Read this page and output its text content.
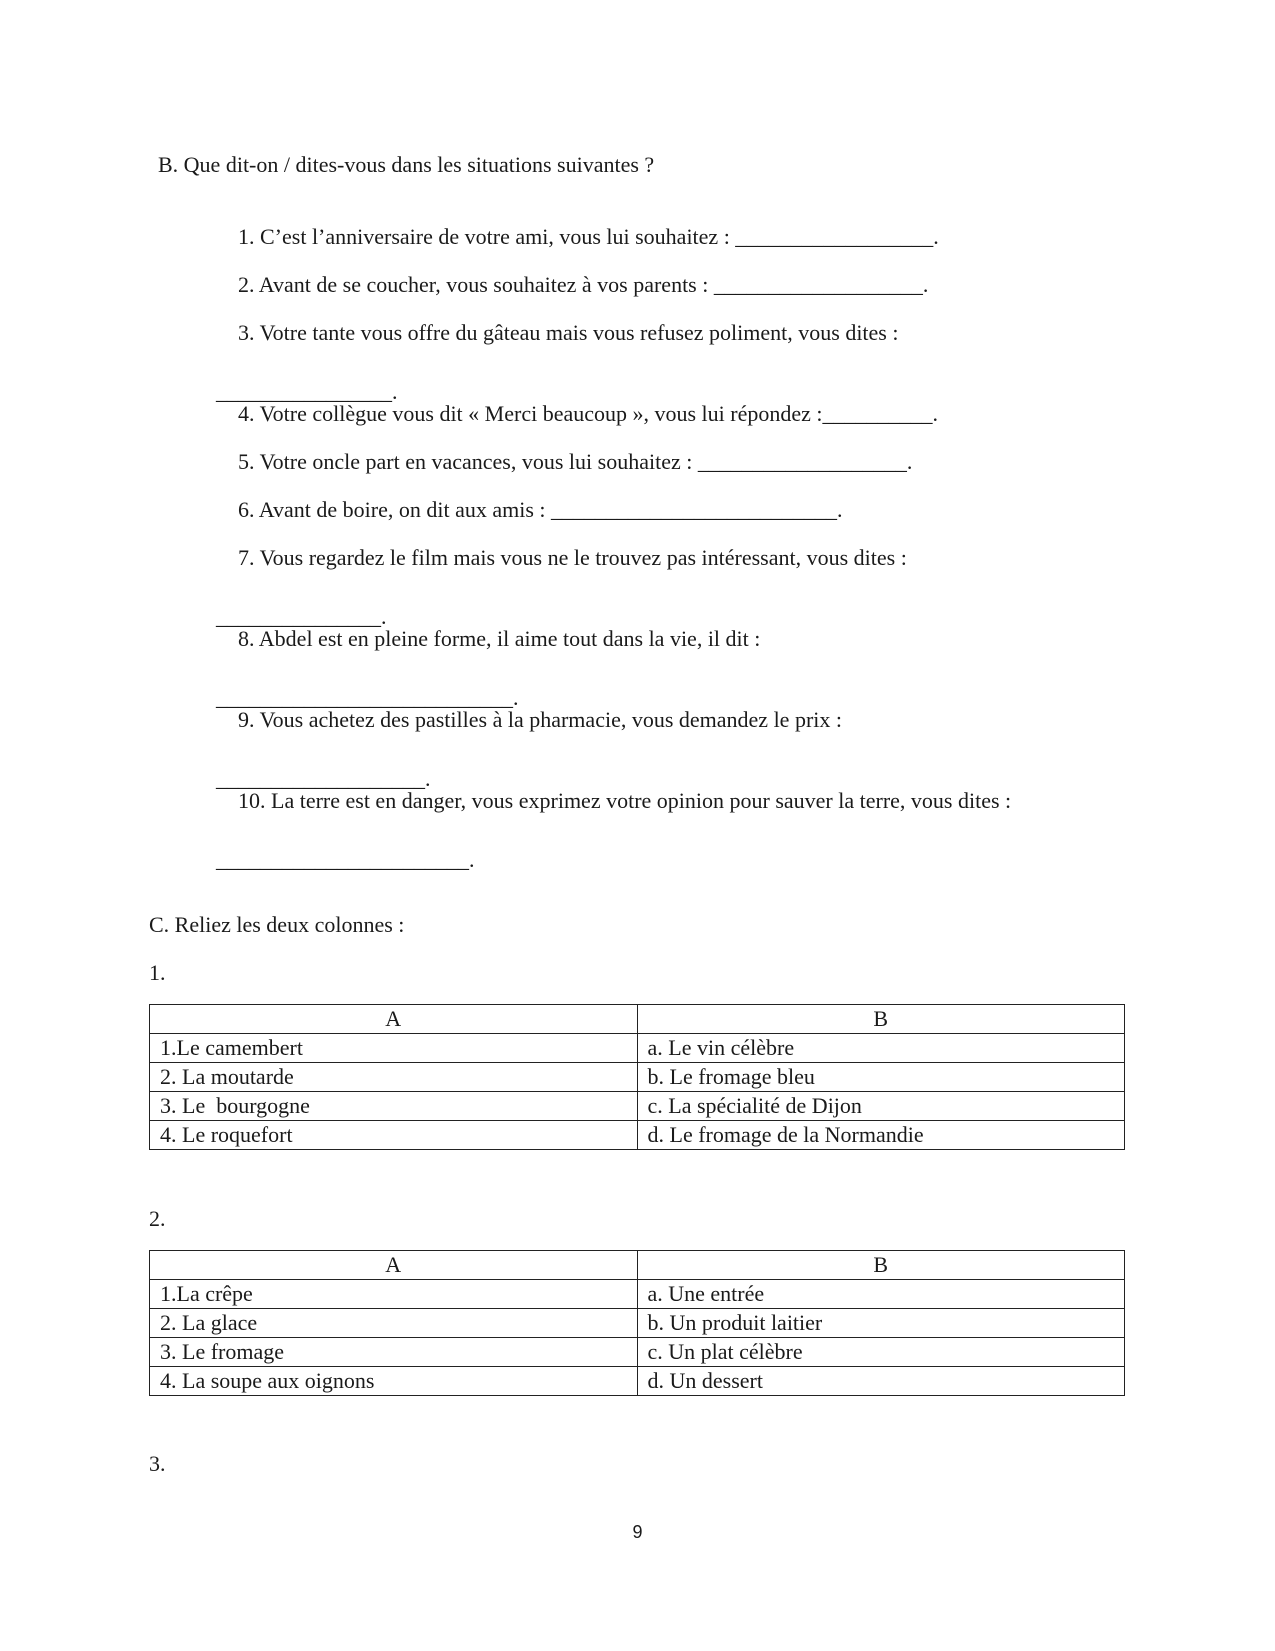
B. Que dit-on / dites-vous dans les situations suivantes ?

1. C’est l’anniversaire de votre ami, vous lui souhaitez : __________________.

2. Avant de se coucher, vous souhaitez à vos parents : ___________________.

3. Votre tante vous offre du gâteau mais vous refusez poliment, vous dites :

________________.

4. Votre collègue vous dit « Merci beaucoup », vous lui répondez :__________.

5. Votre oncle part en vacances, vous lui souhaitez : ___________________.

6. Avant de boire, on dit aux amis : __________________________.

7. Vous regardez le film mais vous ne le trouvez pas intéressant, vous dites :

_______________.

8. Abdel est en pleine forme, il aime tout dans la vie, il dit :

___________________________.

9. Vous achetez des pastilles à la pharmacie, vous demandez le prix :

___________________.

10. La terre est en danger, vous exprimez votre opinion pour sauver la terre, vous dites :

_______________________.

C. Reliez les deux colonnes :
1.
A	B
1.Le camembert	a. Le vin célèbre
2. La moutarde	b. Le fromage bleu
3. Le  bourgogne	c. La spécialité de Dijon
4. Le roquefort	d. Le fromage de la Normandie
2.
A	B
1.La crêpe	a. Une entrée
2. La glace	b. Un produit laitier
3. Le fromage	c. Un plat célèbre
4. La soupe aux oignons	d. Un dessert
3.
9
